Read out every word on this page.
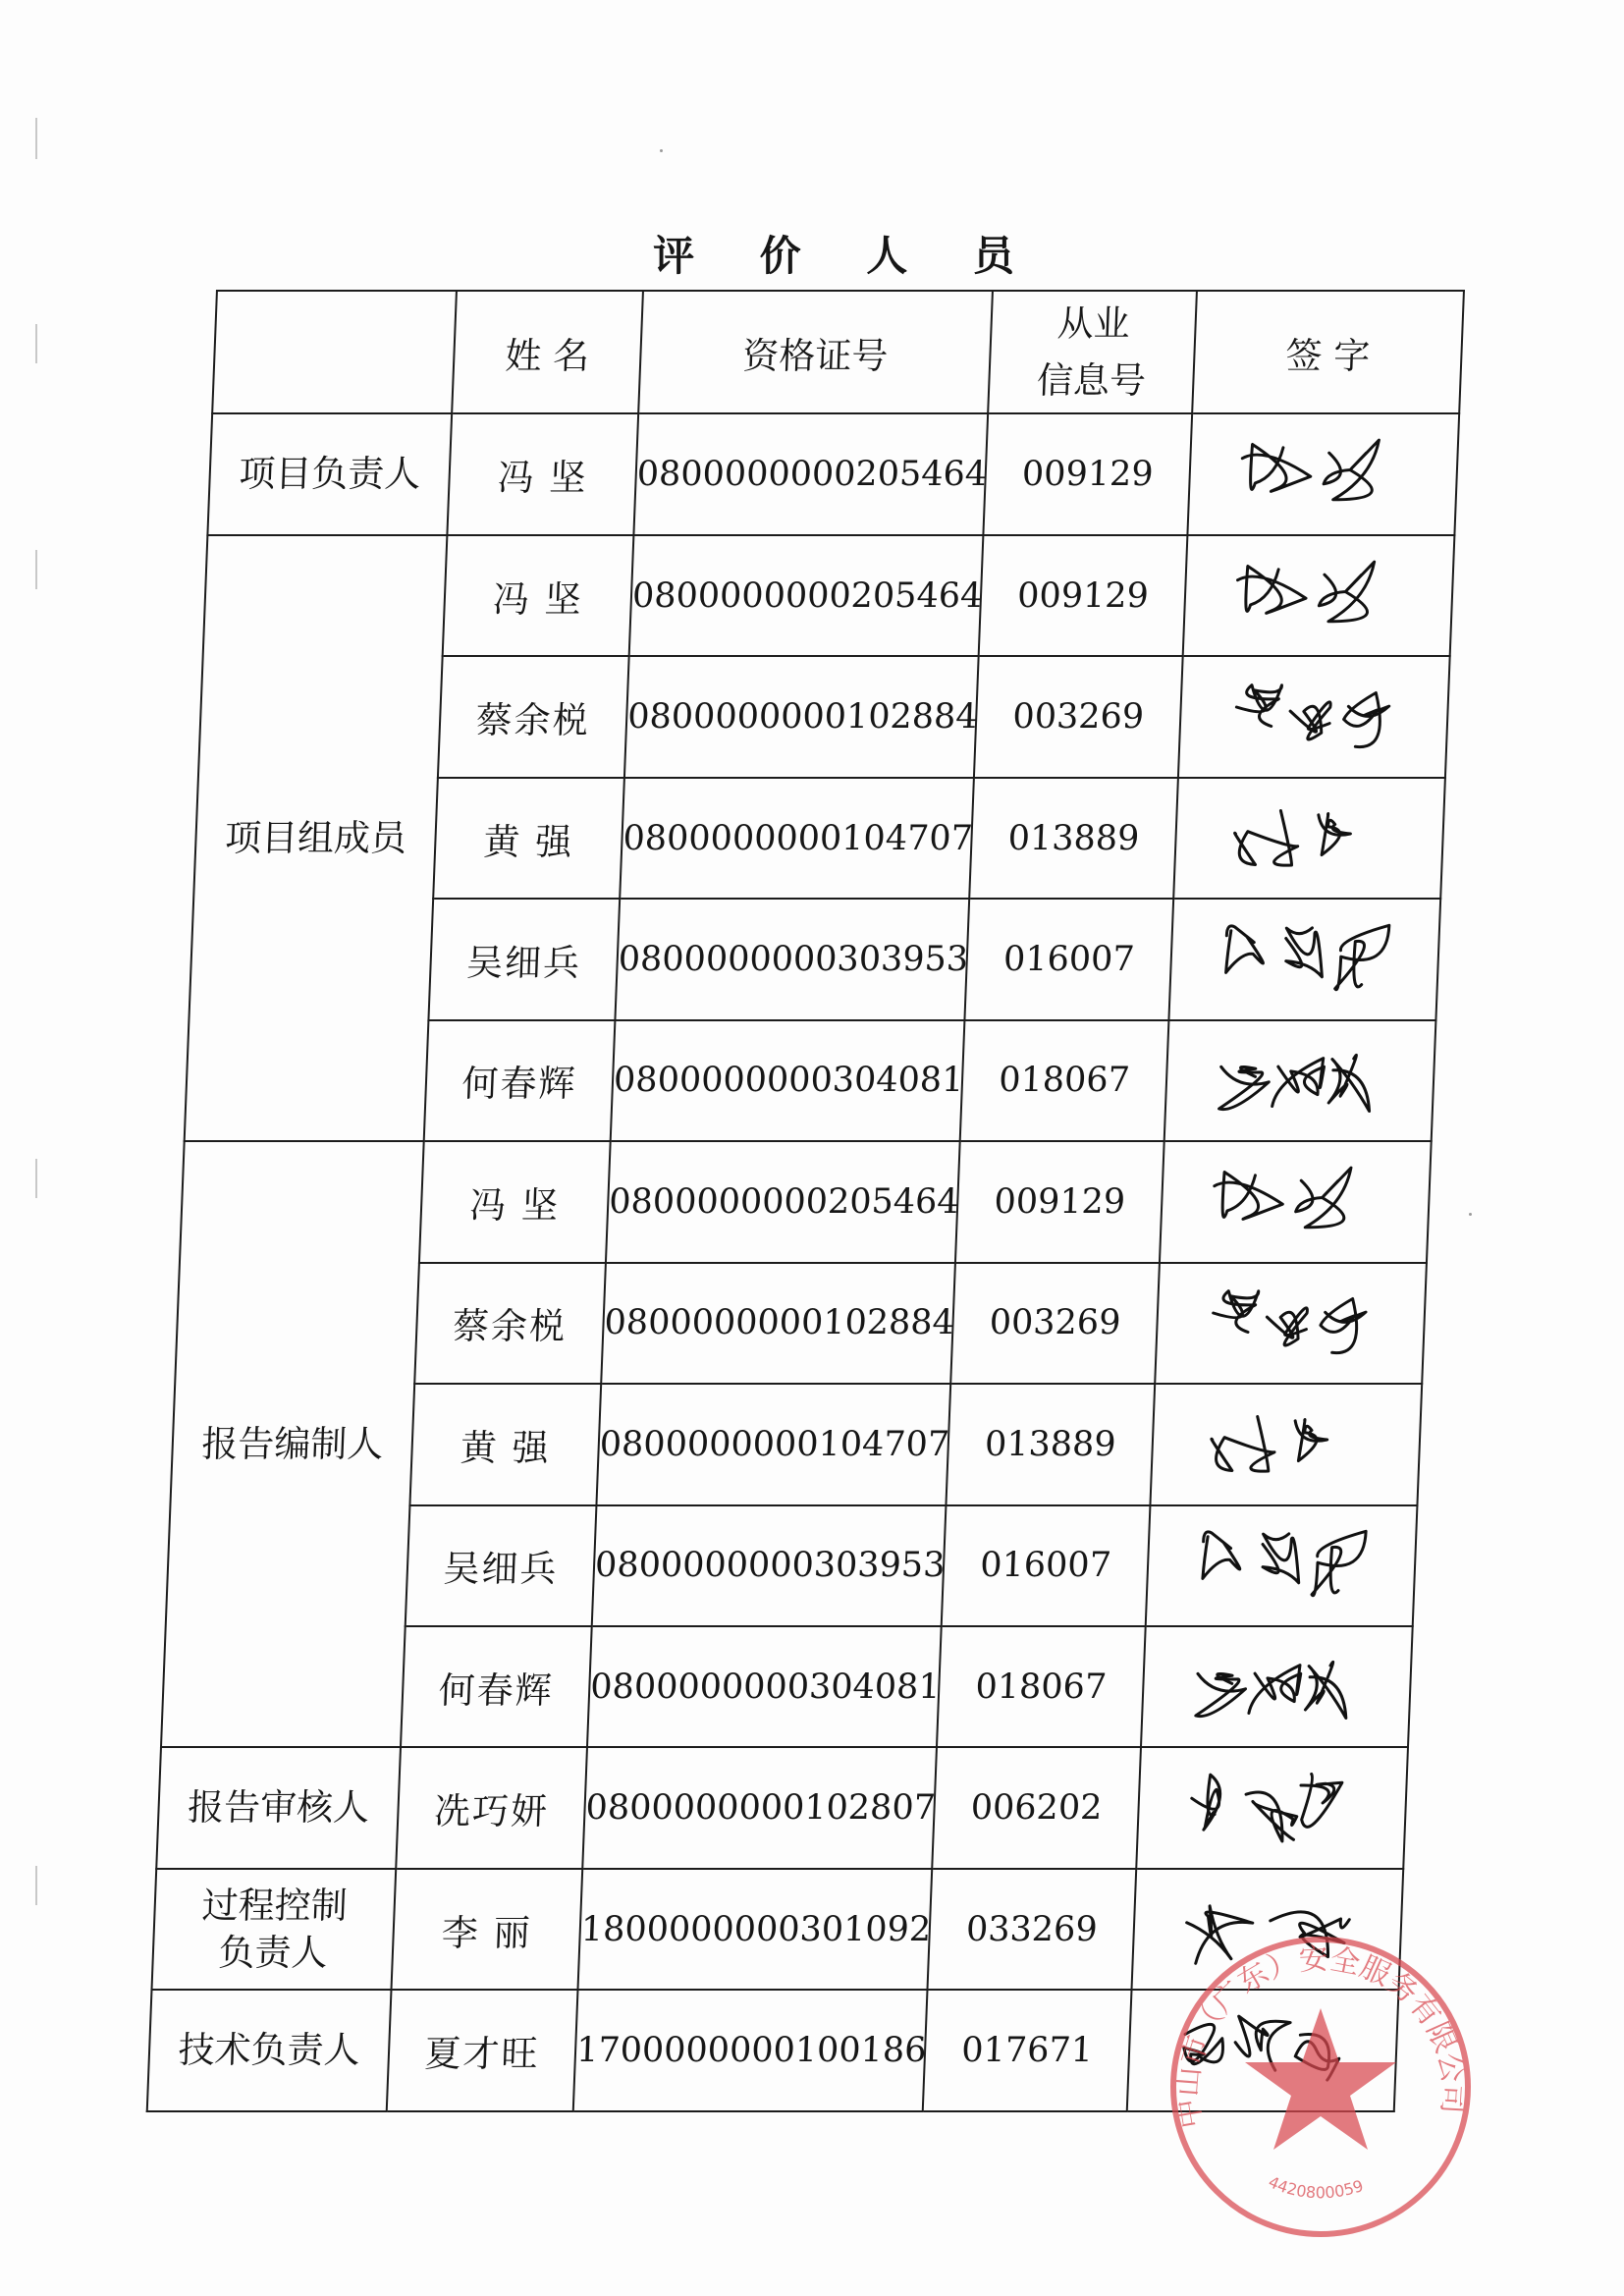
评 价 人 员
	姓 名	资格证号	从业
信息号	签 字

项目负责人	冯 坚	0800000000205464	009129	

项目组成员	冯 坚	0800000000205464	009129	

	蔡余棁	0800000000102884	003269	

	黄 强	0800000000104707	013889	

	吴细兵	0800000000303953	016007	

	何春辉	0800000000304081	018067	

报告编制人	冯 坚	0800000000205464	009129	

	蔡余棁	0800000000102884	003269	

	黄 强	0800000000104707	013889	

	吴细兵	0800000000303953	016007	

	何春辉	0800000000304081	018067	

报告审核人	冼巧妍	0800000000102807	006202	

过程控制
负责人	李 丽	1800000000301092	033269	

技术负责人	夏才旺	1700000000100186	017671	
中山市（广东）安全服务有限公司
4420800059
